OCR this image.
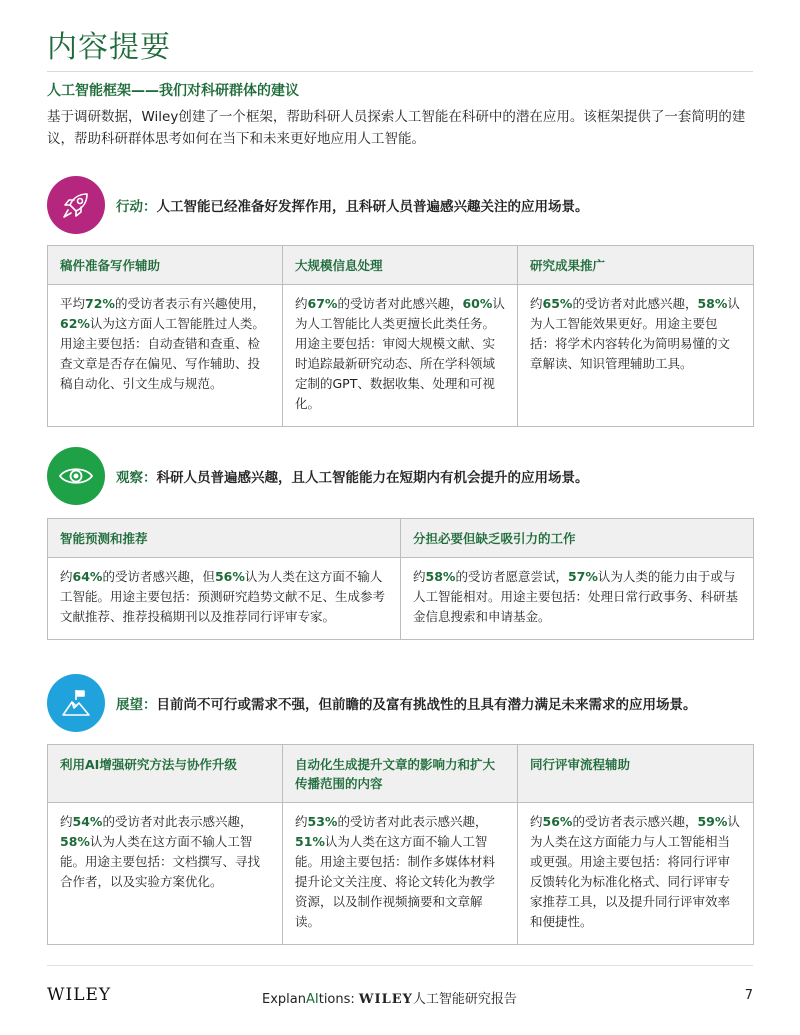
内容提要
人工智能框架——我们对科研群体的建议

基于调研数据，Wiley创建了一个框架，帮助科研人员探索人工智能在科研中的潜在应用。该框架提供了一套简明的建议，帮助科研群体思考如何在当下和未来更好地应用人工智能。

行动：人工智能已经准备好发挥作用，且科研人员普遍感兴趣关注的应用场景。
稿件准备写作辅助	大规模信息处理	研究成果推广
平均72%的受访者表示有兴趣使用，62%认为这方面人工智能胜过人类。用途主要包括：自动查错和查重、检查文章是否存在偏见、写作辅助、投稿自动化、引文生成与规范。	约67%的受访者对此感兴趣，60%认为人工智能比人类更擅长此类任务。用途主要包括：审阅大规模文献、实时追踪最新研究动态、所在学科领域定制的GPT、数据收集、处理和可视化。	约65%的受访者对此感兴趣，58%认为人工智能效果更好。用途主要包括：将学术内容转化为简明易懂的文章解读、知识管理辅助工具。
观察：科研人员普遍感兴趣，且人工智能能力在短期内有机会提升的应用场景。
智能预测和推荐	分担必要但缺乏吸引力的工作
约64%的受访者感兴趣，但56%认为人类在这方面不输人工智能。用途主要包括：预测研究趋势文献不足、生成参考文献推荐、推荐投稿期刊以及推荐同行评审专家。	约58%的受访者愿意尝试，57%认为人类的能力由于或与人工智能相对。用途主要包括：处理日常行政事务、科研基金信息搜索和申请基金。
展望：目前尚不可行或需求不强，但前瞻的及富有挑战性的且具有潜力满足未来需求的应用场景。
利用AI增强研究方法与协作升级	自动化生成提升文章的影响力和扩大传播范围的内容	同行评审流程辅助
约54%的受访者对此表示感兴趣，58%认为人类在这方面不输人工智能。用途主要包括：文档撰写、寻找合作者，以及实验方案优化。	约53%的受访者对此表示感兴趣，51%认为人类在这方面不输人工智能。用途主要包括：制作多媒体材料提升论文关注度、将论文转化为教学资源，以及制作视频摘要和文章解读。	约56%的受访者表示感兴趣，59%认为人类在这方面能力与人工智能相当或更强。用途主要包括：将同行评审反馈转化为标准化格式、同行评审专家推荐工具，以及提升同行评审效率和便捷性。
WILEY	ExplanAItions: WILEY人工智能研究报告	7
